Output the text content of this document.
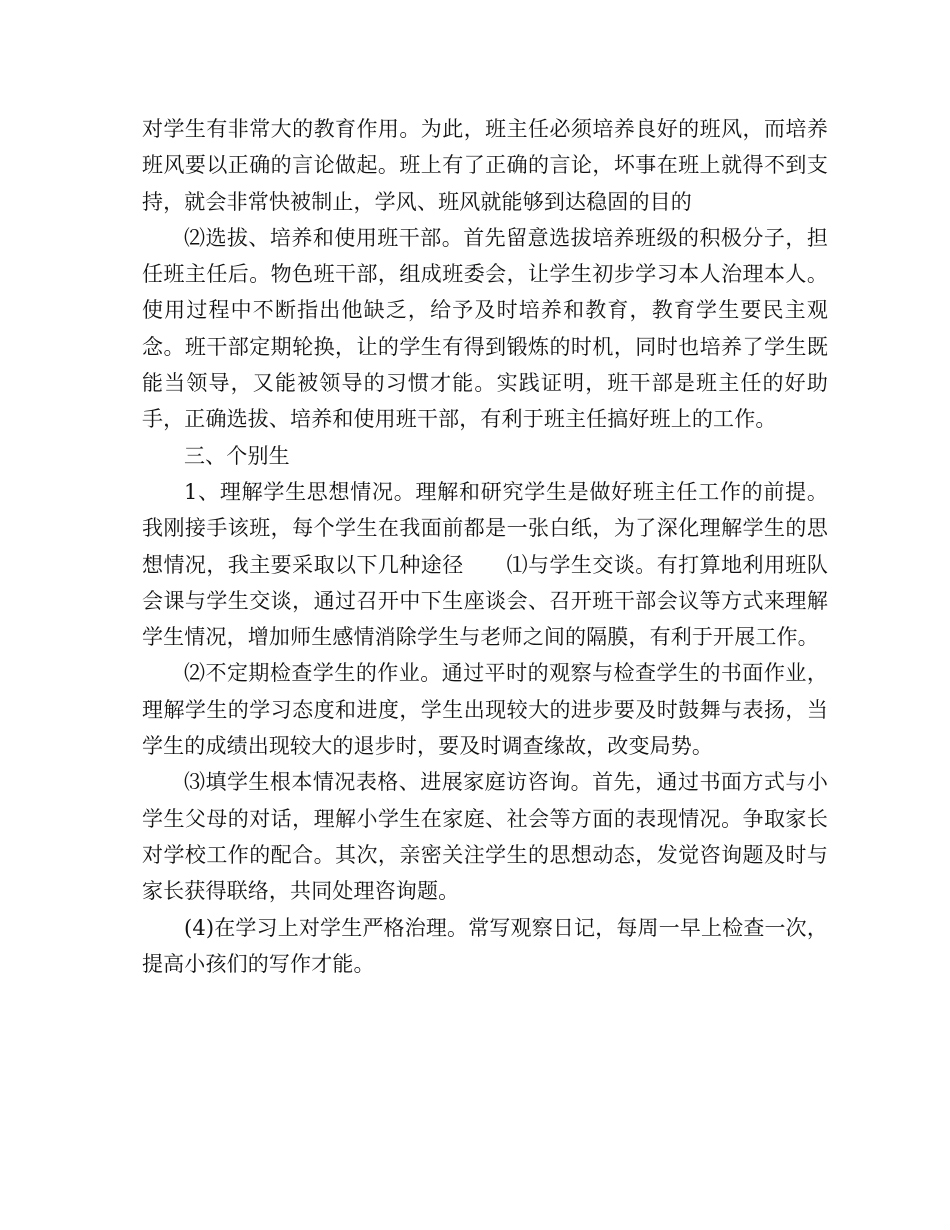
对学生有非常大的教育作用。为此，班主任必须培养良好的班风，而培养班风要以正确的言论做起。班上有了正确的言论，坏事在班上就得不到支持，就会非常快被制止，学风、班风就能够到达稳固的目的

⑵选拔、培养和使用班干部。首先留意选拔培养班级的积极分子，担任班主任后。物色班干部，组成班委会，让学生初步学习本人治理本人。使用过程中不断指出他缺乏，给予及时培养和教育，教育学生要民主观念。班干部定期轮换，让的学生有得到锻炼的时机，同时也培养了学生既能当领导，又能被领导的习惯才能。实践证明，班干部是班主任的好助手，正确选拔、培养和使用班干部，有利于班主任搞好班上的工作。

三、个别生

1、理解学生思想情况。理解和研究学生是做好班主任工作的前提。我刚接手该班，每个学生在我面前都是一张白纸，为了深化理解学生的思想情况，我主要采取以下几种途径　　⑴与学生交谈。有打算地利用班队会课与学生交谈，通过召开中下生座谈会、召开班干部会议等方式来理解学生情况，增加师生感情消除学生与老师之间的隔膜，有利于开展工作。

⑵不定期检查学生的作业。通过平时的观察与检查学生的书面作业，理解学生的学习态度和进度，学生出现较大的进步要及时鼓舞与表扬，当学生的成绩出现较大的退步时，要及时调查缘故，改变局势。

⑶填学生根本情况表格、进展家庭访咨询。首先，通过书面方式与小学生父母的对话，理解小学生在家庭、社会等方面的表现情况。争取家长对学校工作的配合。其次，亲密关注学生的思想动态，发觉咨询题及时与家长获得联络，共同处理咨询题。

(4)在学习上对学生严格治理。常写观察日记，每周一早上检查一次，提高小孩们的写作才能。
